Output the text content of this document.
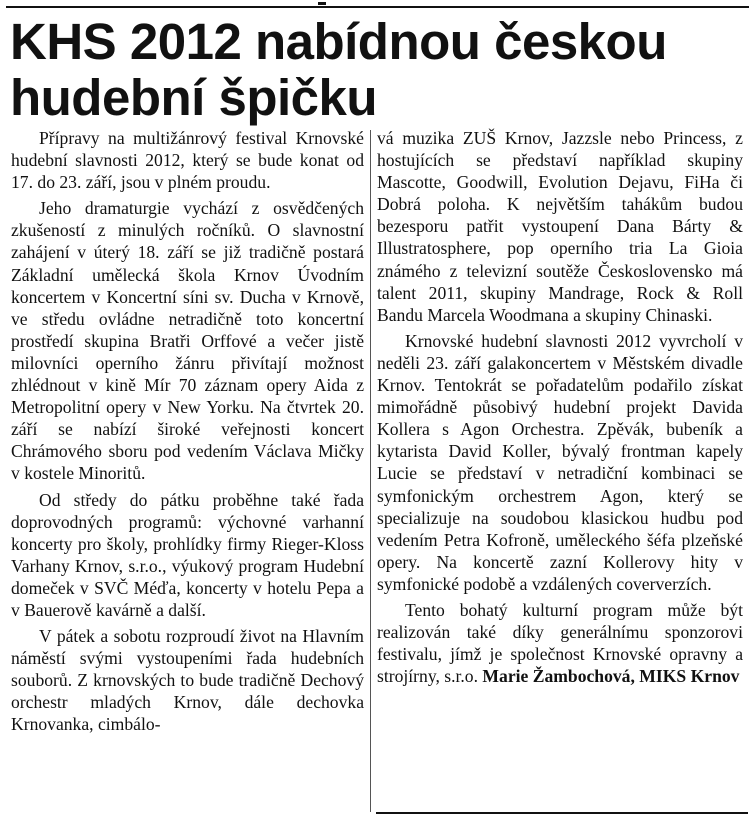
KHS 2012 nabídnou českou hudební špičku

Přípravy na multižánrový festival Krnovské hudební slavnosti 2012, který se bude konat od 17. do 23. září, jsou v plném proudu.

Jeho dramaturgie vychází z osvědčených zkušeností z minulých ročníků. O slavnostní zahájení v úterý 18. září se již tradičně postará Základní umělecká škola Krnov Úvodním koncertem v Koncertní síni sv. Ducha v Krnově, ve středu ovládne netradičně toto koncertní prostředí skupina Bratři Orffové a večer jistě milovníci operního žánru přivítají možnost zhlédnout v kině Mír 70 záznam opery Aida z Metropolitní opery v New Yorku. Na čtvrtek 20. září se nabízí široké veřejnosti koncert Chrámového sboru pod vedením Václava Mičky v kostele Minoritů.

Od středy do pátku proběhne také řada doprovodných programů: výchovné varhanní koncerty pro školy, prohlídky firmy Rieger-Kloss Varhany Krnov, s.r.o., výukový program Hudební domeček v SVČ Méďa, koncerty v hotelu Pepa a v Bauerově kavárně a další.

V pátek a sobotu rozproudí život na Hlavním náměstí svými vystoupeními řada hudebních souborů. Z krnovských to bude tradičně Dechový orchestr mladých Krnov, dále dechovka Krnovanka, cimbálo-

vá muzika ZUŠ Krnov, Jazzsle nebo Princess, z hostujících se představí například skupiny Mascotte, Goodwill, Evolution Dejavu, FiHa či Dobrá poloha. K největším tahákům budou bezesporu patřit vystoupení Dana Bárty & Illustratosphere, pop operního tria La Gioia známého z televizní soutěže Československo má talent 2011, skupiny Mandrage, Rock & Roll Bandu Marcela Woodmana a skupiny Chinaski.

Krnovské hudební slavnosti 2012 vyvrcholí v neděli 23. září galakoncertem v Městském divadle Krnov. Tentokrát se pořadatelům podařilo získat mimořádně působivý hudební projekt Davida Kollera s Agon Orchestra. Zpěvák, bubeník a kytarista David Koller, bývalý frontman kapely Lucie se představí v netradiční kombinaci se symfonickým orchestrem Agon, který se specializuje na soudobou klasickou hudbu pod vedením Petra Kofroně, uměleckého šéfa plzeňské opery. Na koncertě zazní Kollerovy hity v symfonické podobě a vzdálených coververzích.

Tento bohatý kulturní program může být realizován také díky generálnímu sponzorovi festivalu, jímž je společnost Krnovské opravny a strojírny, s.r.o. Marie Žambochová, MIKS Krnov
